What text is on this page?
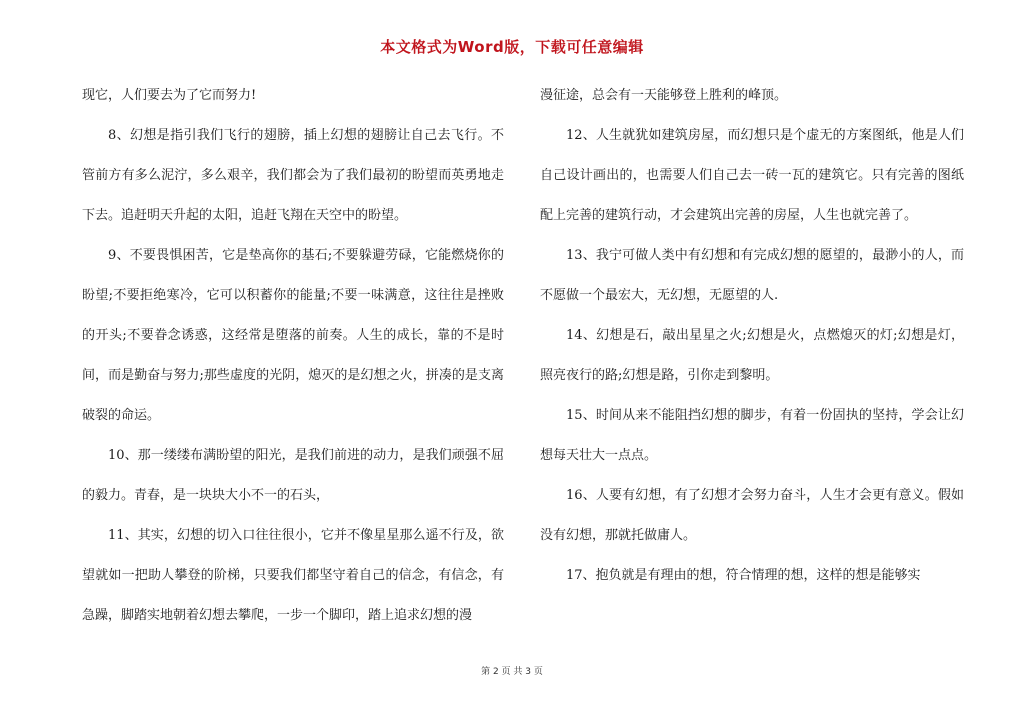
本文格式为Word版，下载可任意编辑

现它，人们要去为了它而努力!

8、幻想是指引我们飞行的翅膀，插上幻想的翅膀让自己去飞行。不管前方有多么泥泞，多么艰辛，我们都会为了我们最初的盼望而英勇地走下去。追赶明天升起的太阳，追赶飞翔在天空中的盼望。

9、不要畏惧困苦，它是垫高你的基石;不要躲避劳碌，它能燃烧你的盼望;不要拒绝寒冷，它可以积蓄你的能量;不要一味满意，这往往是挫败的开头;不要眷念诱惑，这经常是堕落的前奏。人生的成长，靠的不是时间，而是勤奋与努力;那些虚度的光阴，熄灭的是幻想之火，拼凑的是支离破裂的命运。

10、那一缕缕布满盼望的阳光，是我们前进的动力，是我们顽强不屈的毅力。青春，是一块块大小不一的石头，

11、其实，幻想的切入口往往很小，它并不像星星那么遥不行及，欲望就如一把助人攀登的阶梯，只要我们都坚守着自己的信念，有信念，有急躁，脚踏实地朝着幻想去攀爬，一步一个脚印，踏上追求幻想的漫

漫征途，总会有一天能够登上胜利的峰顶。

12、人生就犹如建筑房屋，而幻想只是个虚无的方案图纸，他是人们自己设计画出的，也需要人们自己去一砖一瓦的建筑它。只有完善的图纸配上完善的建筑行动，才会建筑出完善的房屋，人生也就完善了。

13、我宁可做人类中有幻想和有完成幻想的愿望的，最渺小的人，而不愿做一个最宏大，无幻想，无愿望的人.

14、幻想是石，敲出星星之火;幻想是火，点燃熄灭的灯;幻想是灯，照亮夜行的路;幻想是路，引你走到黎明。

15、时间从来不能阻挡幻想的脚步，有着一份固执的坚持，学会让幻想每天壮大一点点。

16、人要有幻想，有了幻想才会努力奋斗，人生才会更有意义。假如没有幻想，那就托做庸人。

17、抱负就是有理由的想，符合情理的想，这样的想是能够实

第 2 页 共 3 页
